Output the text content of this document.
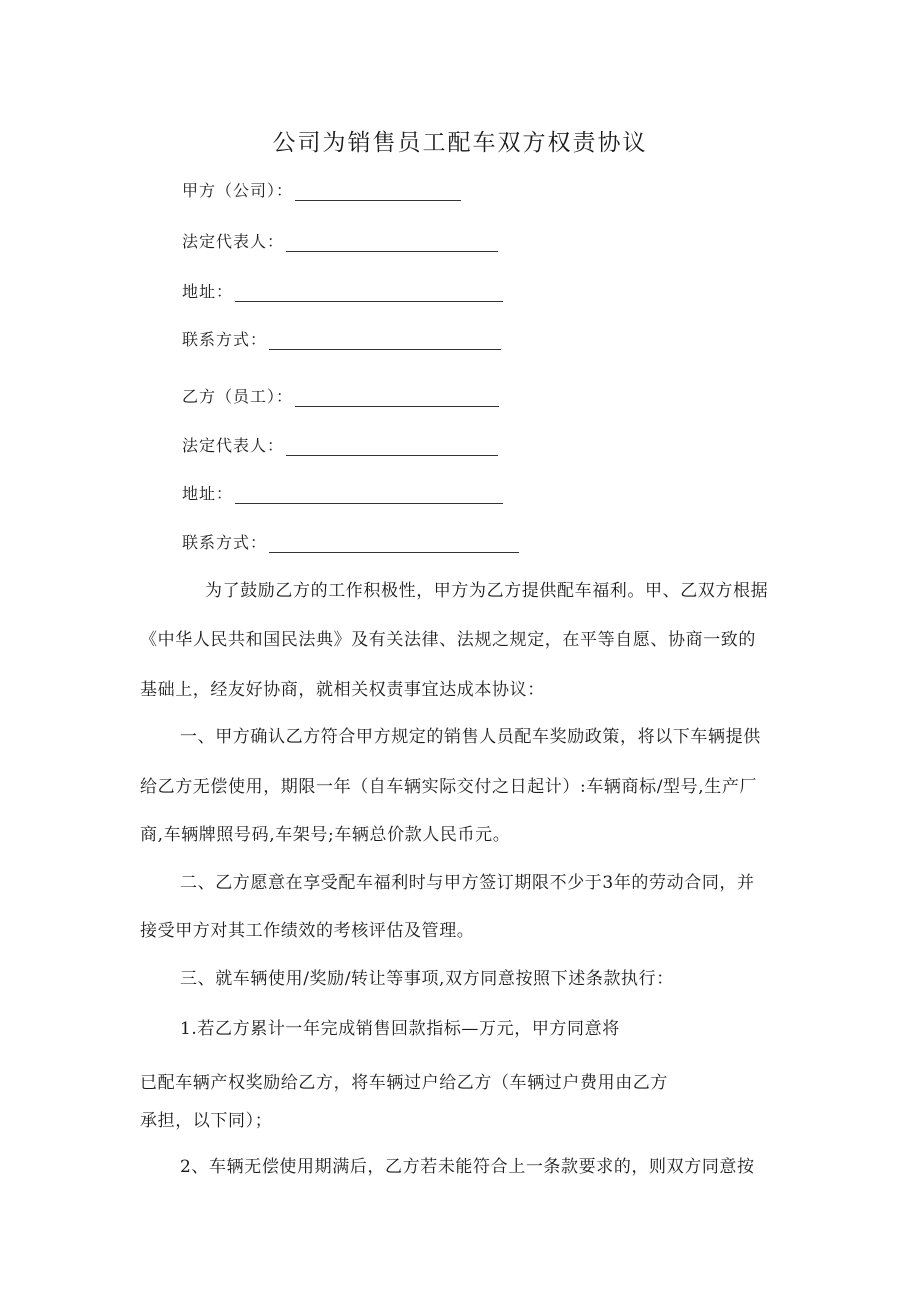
公司为销售员工配车双方权责协议
甲方（公司）：
法定代表人：
地址：
联系方式：
乙方（员工）：
法定代表人：
地址：
联系方式：
为了鼓励乙方的工作积极性，甲方为乙方提供配车福利。甲、乙双方根据
《中华人民共和国民法典》及有关法律、法规之规定，在平等自愿、协商一致的
基础上，经友好协商，就相关权责事宜达成本协议：
一、甲方确认乙方符合甲方规定的销售人员配车奖励政策，将以下车辆提供
给乙方无偿使用，期限一年（自车辆实际交付之日起计）:车辆商标/型号,生产厂
商,车辆牌照号码,车架号;车辆总价款人民币元。
二、乙方愿意在享受配车福利时与甲方签订期限不少于3年的劳动合同，并
接受甲方对其工作绩效的考核评估及管理。
三、就车辆使用/奖励/转让等事项,双方同意按照下述条款执行：
1.若乙方累计一年完成销售回款指标—万元，甲方同意将
已配车辆产权奖励给乙方，将车辆过户给乙方（车辆过户费用由乙方
承担，以下同）；
2、车辆无偿使用期满后，乙方若未能符合上一条款要求的，则双方同意按
